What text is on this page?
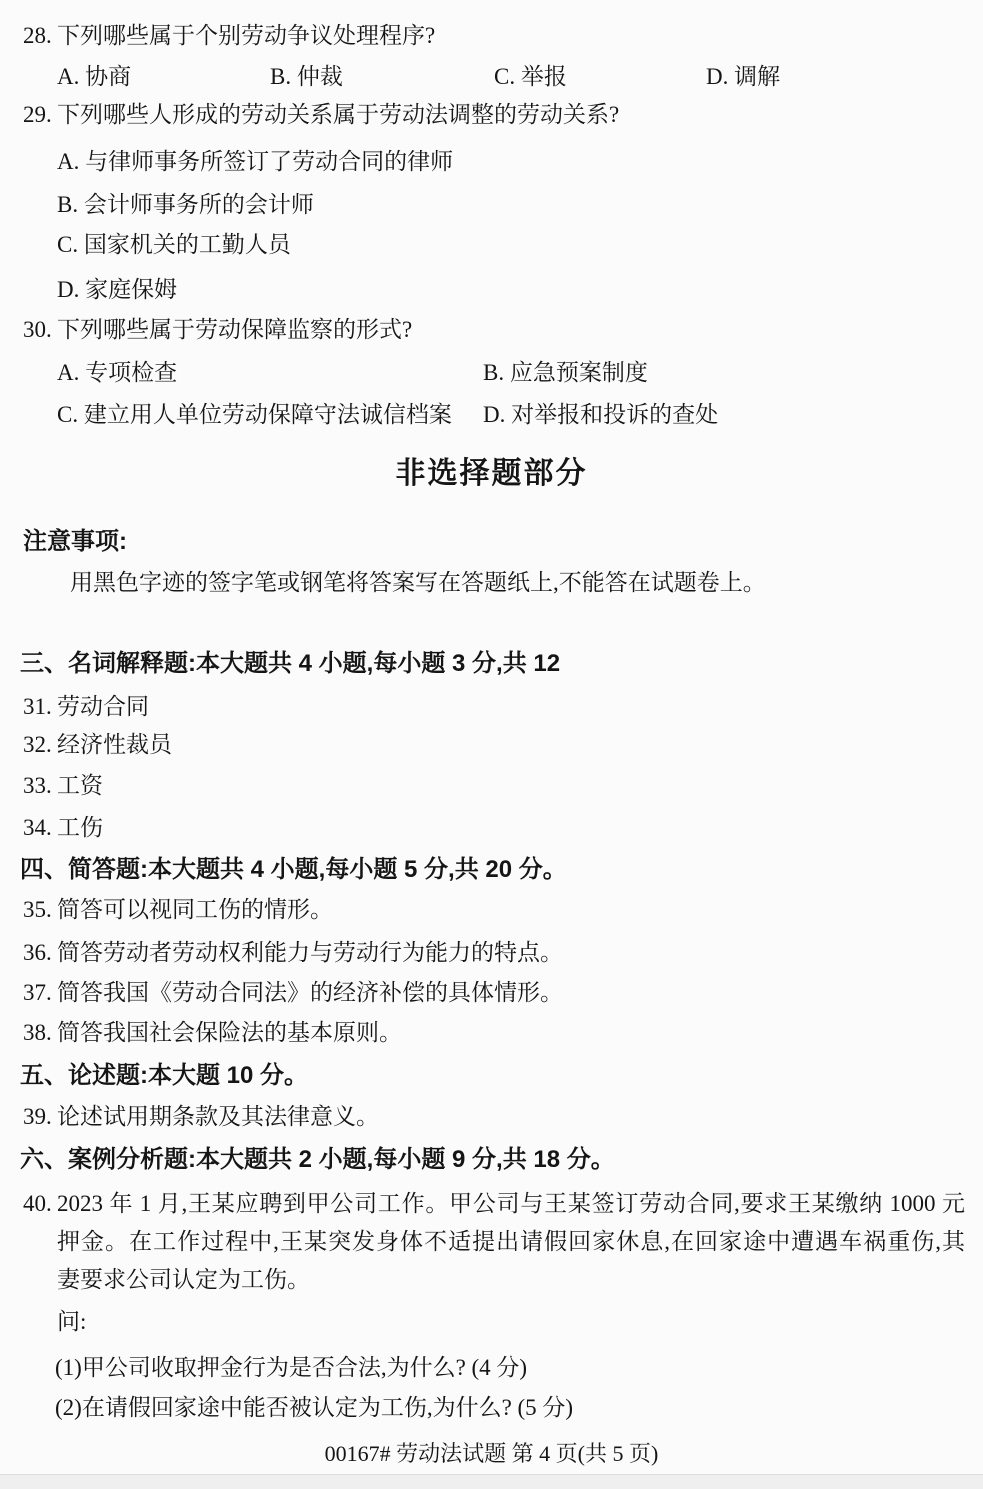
28. 下列哪些属于个别劳动争议处理程序?
A. 协商	B. 仲裁	C. 举报	D. 调解
29. 下列哪些人形成的劳动关系属于劳动法调整的劳动关系?
A. 与律师事务所签订了劳动合同的律师
B. 会计师事务所的会计师
C. 国家机关的工勤人员
D. 家庭保姆
30. 下列哪些属于劳动保障监察的形式?
A. 专项检查	B. 应急预案制度
C. 建立用人单位劳动保障守法诚信档案 D. 对举报和投诉的查处
非选择题部分
注意事项:
用黑色字迹的签字笔或钢笔将答案写在答题纸上,不能答在试题卷上。
三、名词解释题:本大题共 4 小题,每小题 3 分,共 12
31. 劳动合同
32. 经济性裁员
33. 工资
34. 工伤
四、简答题:本大题共 4 小题,每小题 5 分,共 20 分。
35. 简答可以视同工伤的情形。
36. 简答劳动者劳动权利能力与劳动行为能力的特点。
37. 简答我国《劳动合同法》的经济补偿的具体情形。
38. 简答我国社会保险法的基本原则。
五、论述题:本大题 10 分。
39. 论述试用期条款及其法律意义。
六、案例分析题:本大题共 2 小题,每小题 9 分,共 18 分。
40. 2023 年 1 月,王某应聘到甲公司工作。甲公司与王某签订劳动合同,要求王某缴纳 1000 元
押金。在工作过程中,王某突发身体不适提出请假回家休息,在回家途中遭遇车祸重伤,其
妻要求公司认定为工伤。
问:
(1)甲公司收取押金行为是否合法,为什么? (4 分)
(2)在请假回家途中能否被认定为工伤,为什么? (5 分)
00167# 劳动法试题 第 4 页(共 5 页)
